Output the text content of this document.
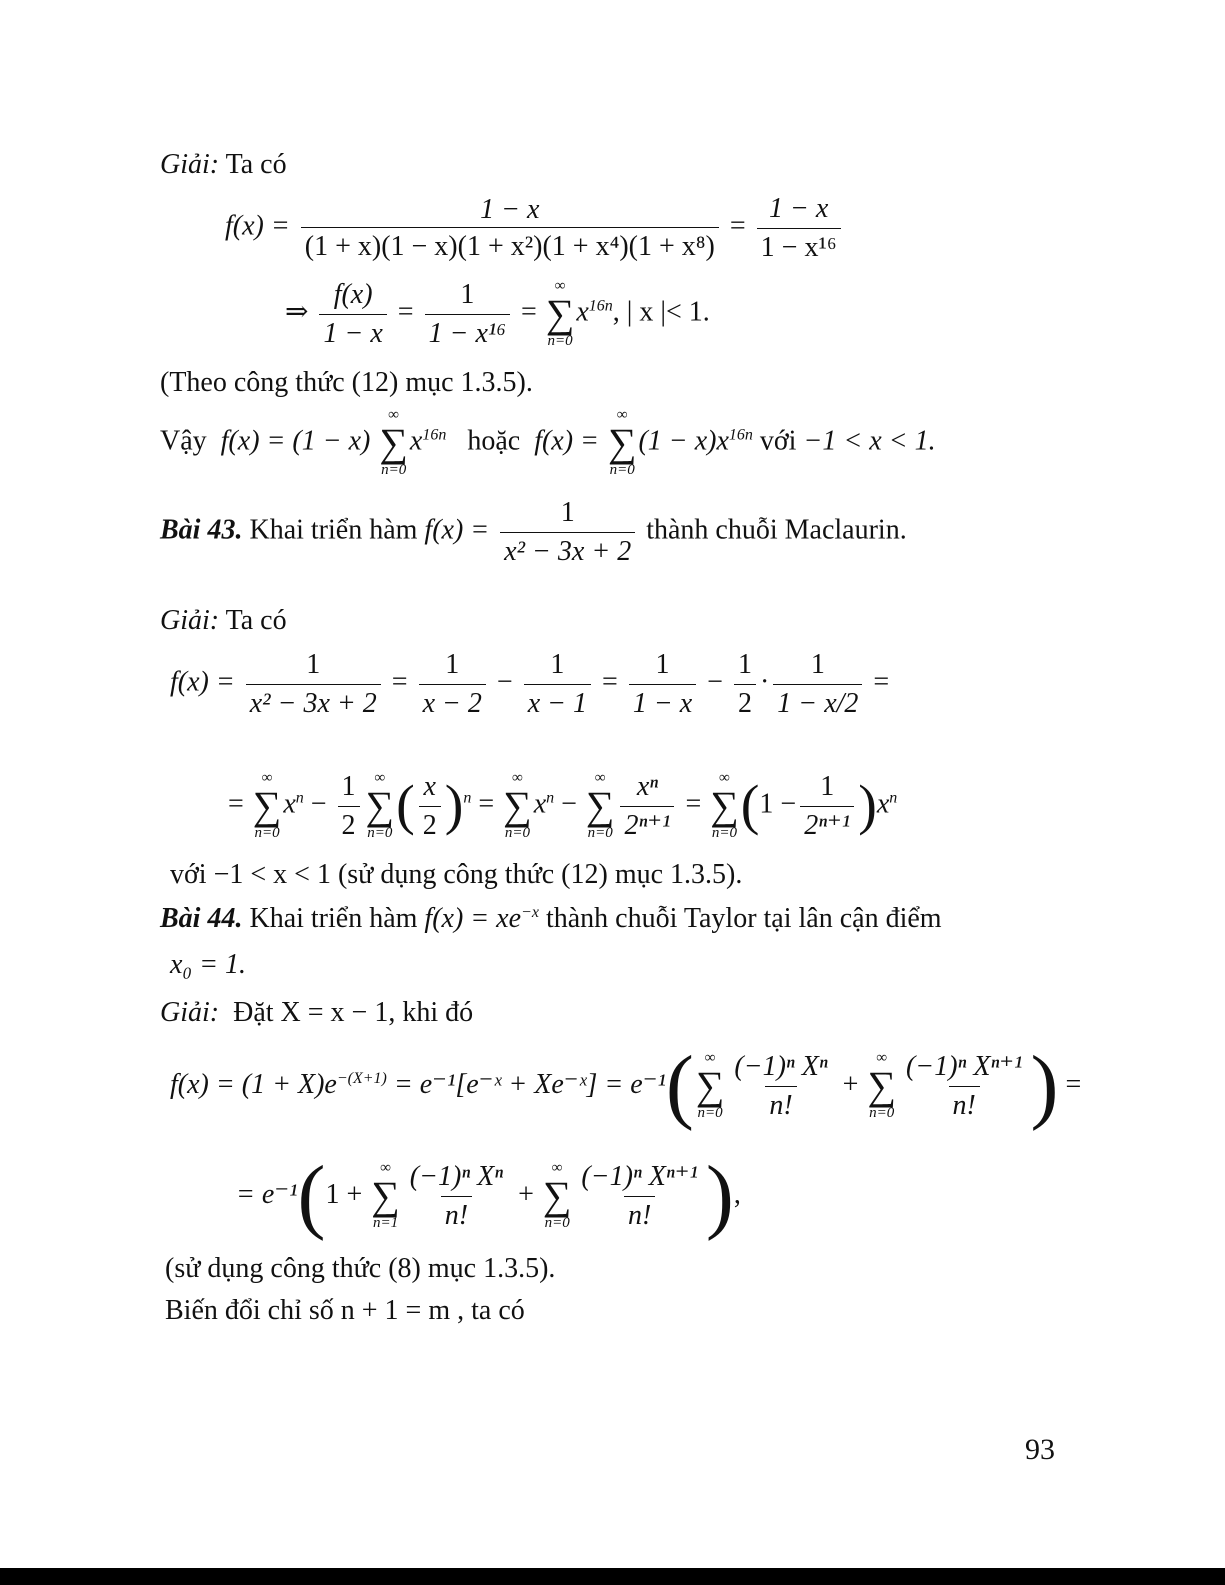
Giải: Ta có
$f(x) = \frac{1 - x}{\text{(1 + x)(1 − x)(1 + x²)(1 + x⁴)(1 + x⁸)}} = \frac{1 - x}{\text{1 − x¹⁶}}$
⇒ $\frac{f(x)}{1 - x} = \frac{1}{\text{1 − x¹⁶}}$ =
∞
∑
n=0
$x^{16n}$, | x |< 1.
(Theo công thức (12) mục 1.3.5).
Vậy f(x) = (1 − x)
∞
∑
n=0
$x^{16n}$ hoặc f(x) =
∞
∑
n=0
$(1 - x)x^{16n}$ với −1 < x < 1.
Bài 43. Khai triển hàm $f(x) = \frac{1}{\text{x² − 3x + 2}}$ thành chuỗi Maclaurin.
Giải: Ta có
$f(x) = \frac{1}{\text{x² − 3x + 2}} = \frac{1}{x - 2} - \frac{1}{x - 1} = \frac{1}{1 - x} - \frac{1}{2} \cdot \frac{1}{1 - x/2}$ =
=
∞
∑
n=0
$x^n - \frac{1}{2}$ ∞
∑
n=0 ( $\frac{x}{2} )^n$ =
∞
∑
n=0
$x^n$ −
∞
∑
$n=0 \frac{\text{xⁿ}}{\text{2ⁿ⁺¹}}$ =
∞
∑
n=0 $(1 - \frac{1}{\text{2ⁿ⁺¹}} )x^n$
với −1 < x < 1 (sử dụng công thức (12) mục 1.3.5).
Bài 44. Khai triển hàm $f(x) = xe^{-x}$ thành chuỗi Taylor tại lân cận điểm
x₀ = 1.
Giải: Đặt X = x − 1, khi đó
$f(x) = (1 + X)e^{-(X+1)}$ = e⁻¹[e⁻ˣ + Xe⁻ˣ] = e⁻¹( ∞
∑
$n=0 \frac{\text{(−1)ⁿ Xⁿ}}{n!}$ +
∞
∑
$n=0 \frac{\text{(−1)ⁿ Xⁿ⁺¹}}{n!}$ ) =
= e⁻¹(1 +
∞
∑
$n=1 \frac{\text{(−1)ⁿ Xⁿ}}{n!}$ +
∞
∑
$n=0 \frac{\text{(−1)ⁿ Xⁿ⁺¹}}{n!}$ ),
(sử dụng công thức (8) mục 1.3.5).
Biến đổi chỉ số n + 1 = m , ta có
93
